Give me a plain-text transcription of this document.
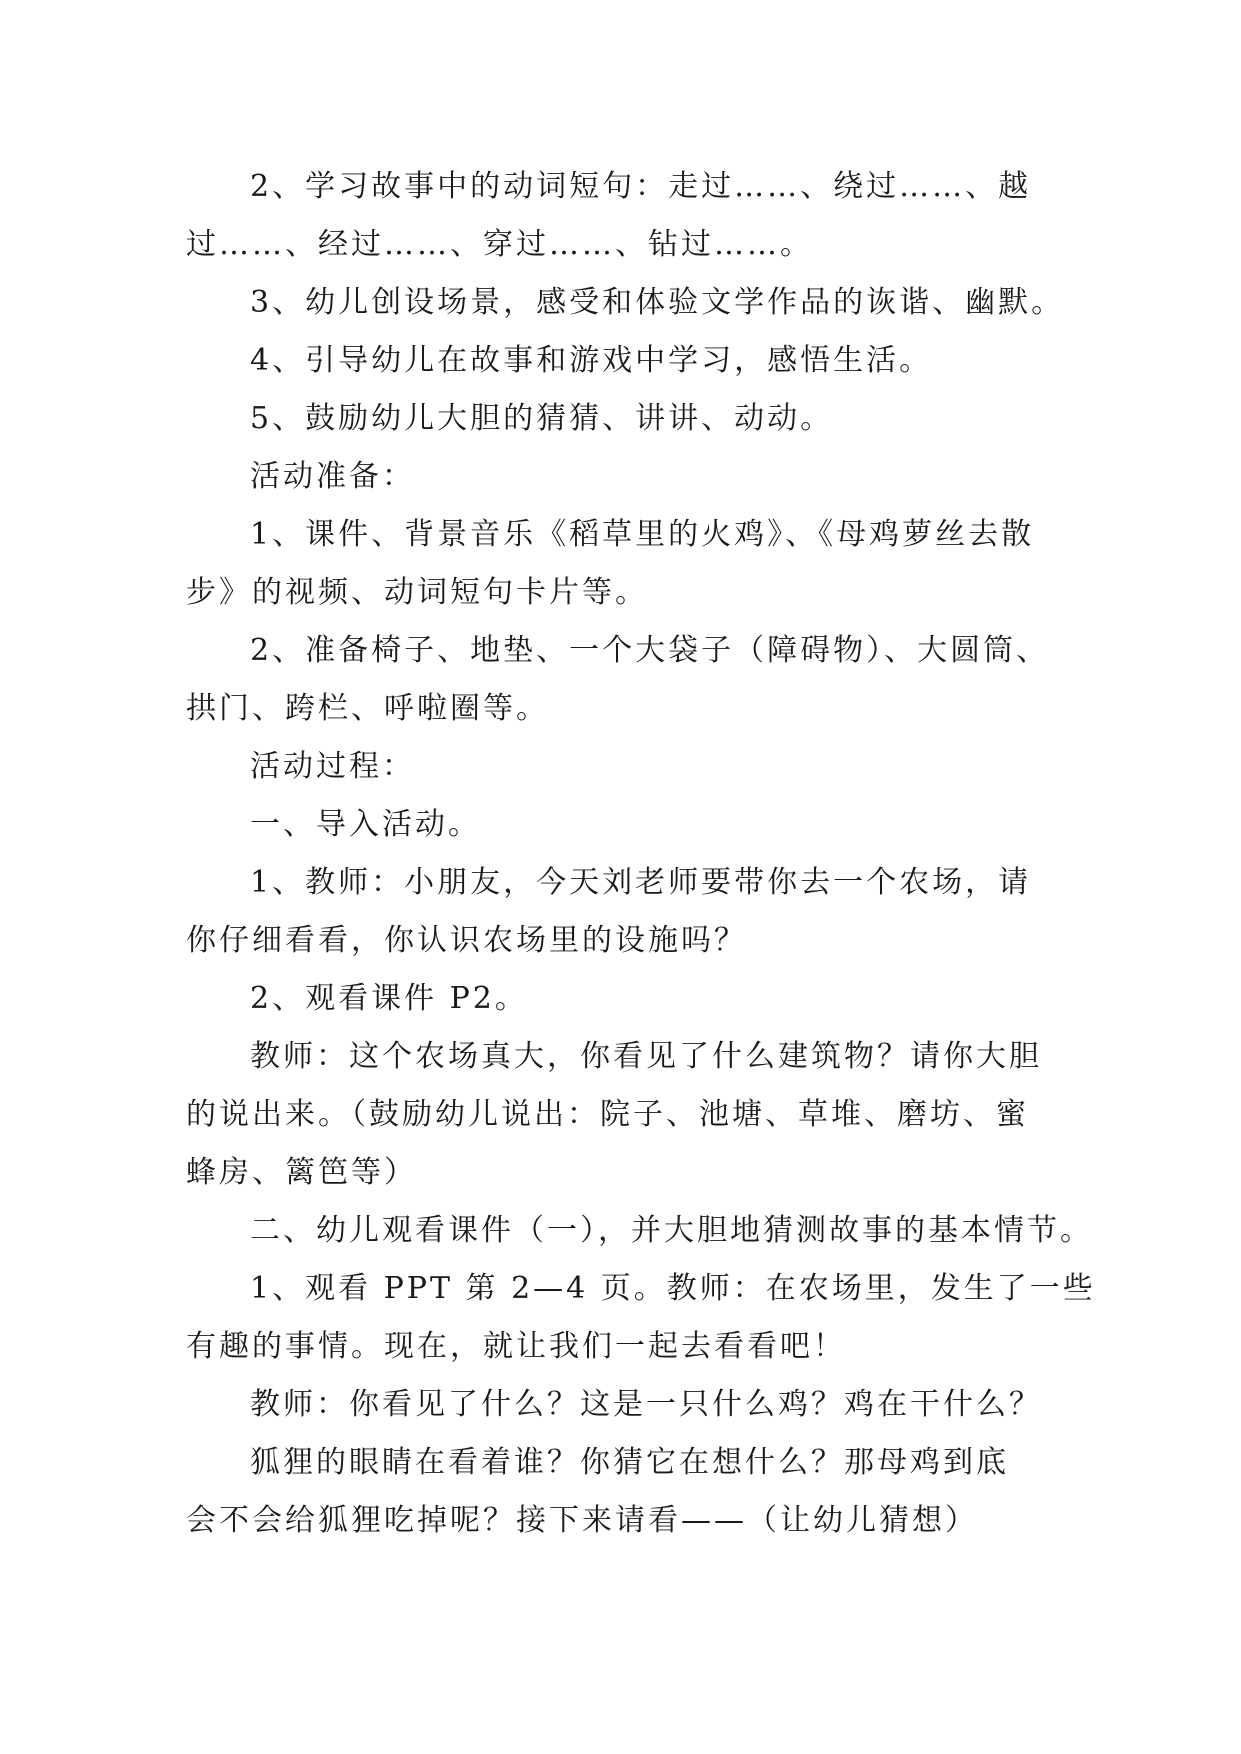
2、学习故事中的动词短句：走过……、绕过……、越
过……、经过……、穿过……、钻过……。
3、幼儿创设场景，感受和体验文学作品的诙谐、幽默。
4、引导幼儿在故事和游戏中学习，感悟生活。
5、鼓励幼儿大胆的猜猜、讲讲、动动。
活动准备：
1、课件、背景音乐《稻草里的火鸡》、《母鸡萝丝去散
步》的视频、动词短句卡片等。
2、准备椅子、地垫、一个大袋子（障碍物）、大圆筒、
拱门、跨栏、呼啦圈等。
活动过程：
一、导入活动。
1、教师：小朋友，今天刘老师要带你去一个农场，请
你仔细看看，你认识农场里的设施吗？
2、观看课件 P2。
教师：这个农场真大，你看见了什么建筑物？请你大胆
的说出来。（鼓励幼儿说出：院子、池塘、草堆、磨坊、蜜
蜂房、篱笆等）
二、幼儿观看课件（一），并大胆地猜测故事的基本情节。
1、观看 PPT 第 2—4 页。教师：在农场里，发生了一些
有趣的事情。现在，就让我们一起去看看吧！
教师：你看见了什么？这是一只什么鸡？鸡在干什么？
狐狸的眼睛在看着谁？你猜它在想什么？那母鸡到底
会不会给狐狸吃掉呢？接下来请看——（让幼儿猜想）
